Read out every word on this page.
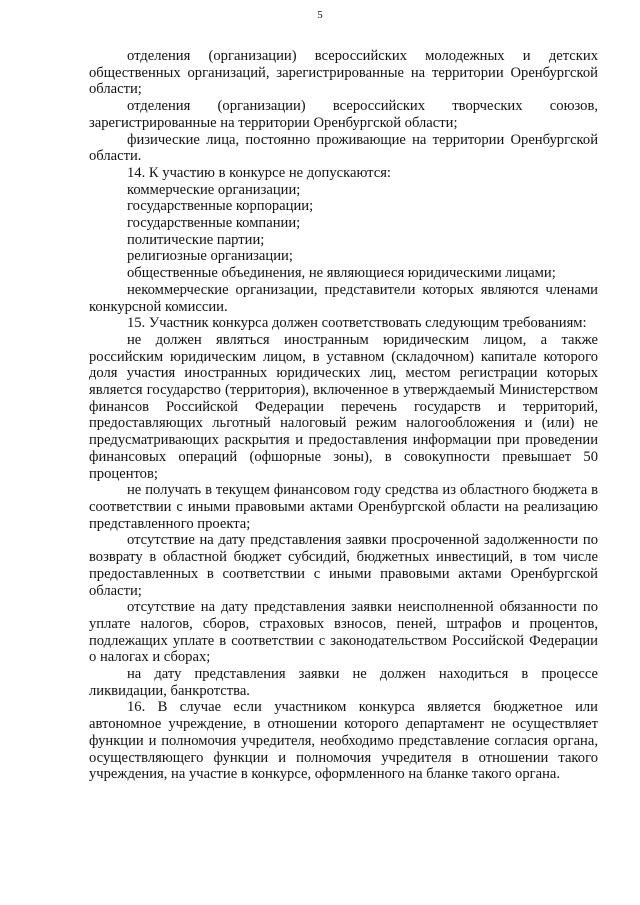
5

отделения (организации) всероссийских молодежных и детских общественных организаций, зарегистрированные на территории Оренбургской области;

отделения (организации) всероссийских творческих союзов, зарегистрированные на территории Оренбургской области;

физические лица, постоянно проживающие на территории Оренбургской области.

14. К участию в конкурсе не допускаются:

коммерческие организации;

государственные корпорации;

государственные компании;

политические партии;

религиозные организации;

общественные объединения, не являющиеся юридическими лицами;

некоммерческие организации, представители которых являются членами конкурсной комиссии.

15. Участник конкурса должен соответствовать следующим требованиям:

не должен являться иностранным юридическим лицом, а также российским юридическим лицом, в уставном (складочном) капитале которого доля участия иностранных юридических лиц, местом регистрации которых является государство (территория), включенное в утверждаемый Министерством финансов Российской Федерации перечень государств и территорий, предоставляющих льготный налоговый режим налогообложения и (или) не предусматривающих раскрытия и предоставления информации при проведении финансовых операций (офшорные зоны), в совокупности превышает 50 процентов;

не получать в текущем финансовом году средства из областного бюджета в соответствии с иными правовыми актами Оренбургской области на реализацию представленного проекта;

отсутствие на дату представления заявки просроченной задолженности по возврату в областной бюджет субсидий, бюджетных инвестиций, в том числе предоставленных в соответствии с иными правовыми актами Оренбургской области;

отсутствие на дату представления заявки неисполненной обязанности по уплате налогов, сборов, страховых взносов, пеней, штрафов и процентов, подлежащих уплате в соответствии с законодательством Российской Федерации о налогах и сборах;

на дату представления заявки не должен находиться в процессе ликвидации, банкротства.

16. В случае если участником конкурса является бюджетное или автономное учреждение, в отношении которого департамент не осуществляет функции и полномочия учредителя, необходимо представление согласия органа, осуществляющего функции и полномочия учредителя в отношении такого учреждения, на участие в конкурсе, оформленного на бланке такого органа.
